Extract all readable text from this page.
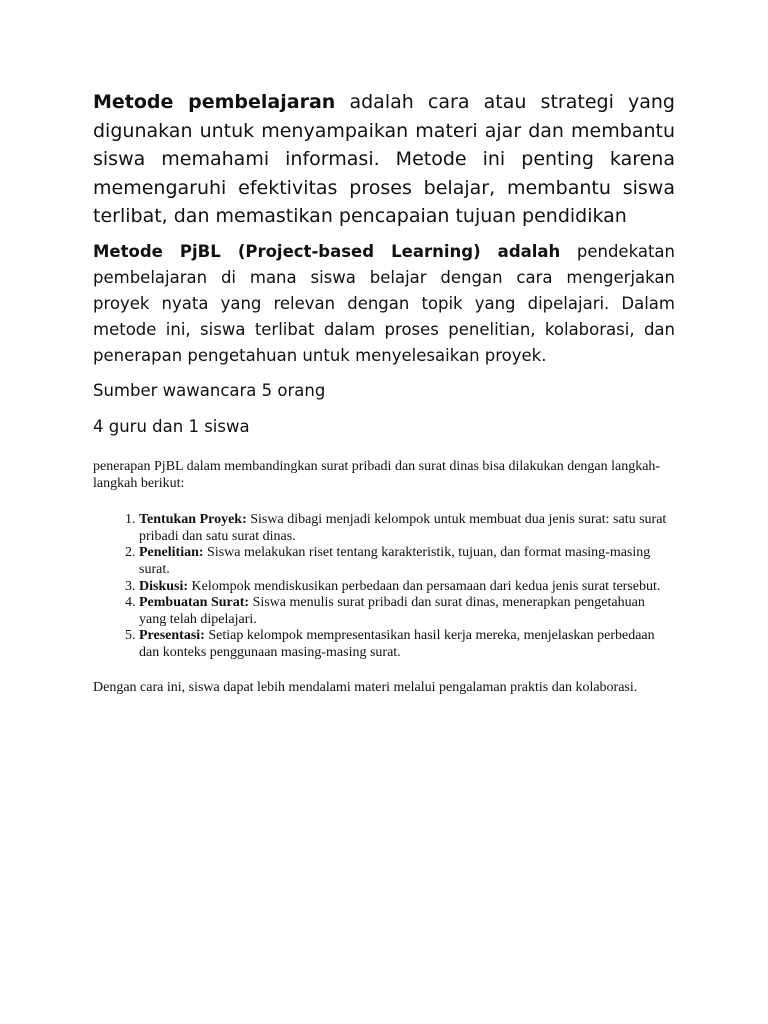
Metode pembelajaran adalah cara atau strategi yang digunakan untuk menyampaikan materi ajar dan membantu siswa memahami informasi. Metode ini penting karena memengaruhi efektivitas proses belajar, membantu siswa terlibat, dan memastikan pencapaian tujuan pendidikan

Metode PjBL (Project-based Learning) adalah pendekatan pembelajaran di mana siswa belajar dengan cara mengerjakan proyek nyata yang relevan dengan topik yang dipelajari. Dalam metode ini, siswa terlibat dalam proses penelitian, kolaborasi, dan penerapan pengetahuan untuk menyelesaikan proyek.

Sumber wawancara 5 orang

4 guru dan 1 siswa

penerapan PjBL dalam membandingkan surat pribadi dan surat dinas bisa dilakukan dengan langkah-langkah berikut:

1. Tentukan Proyek: Siswa dibagi menjadi kelompok untuk membuat dua jenis surat: satu surat pribadi dan satu surat dinas.
2. Penelitian: Siswa melakukan riset tentang karakteristik, tujuan, dan format masing-masing surat.
3. Diskusi: Kelompok mendiskusikan perbedaan dan persamaan dari kedua jenis surat tersebut.
4. Pembuatan Surat: Siswa menulis surat pribadi dan surat dinas, menerapkan pengetahuan yang telah dipelajari.
5. Presentasi: Setiap kelompok mempresentasikan hasil kerja mereka, menjelaskan perbedaan dan konteks penggunaan masing-masing surat.

Dengan cara ini, siswa dapat lebih mendalami materi melalui pengalaman praktis dan kolaborasi.
